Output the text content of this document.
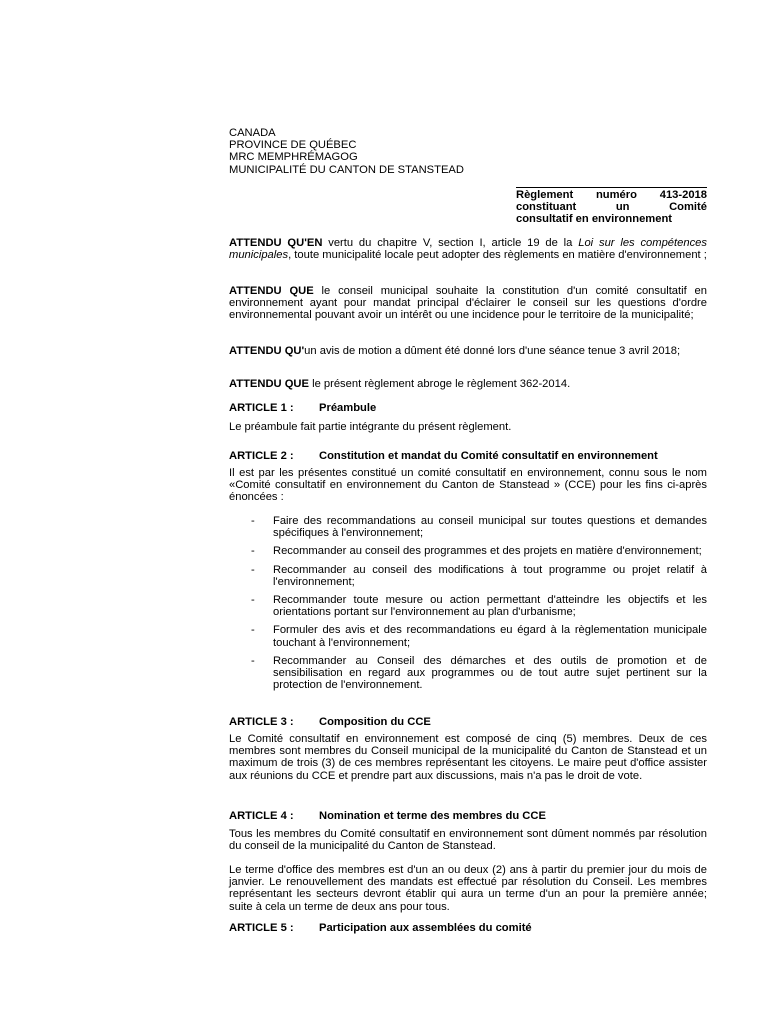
CANADA
PROVINCE DE QUÉBEC
MRC MEMPHRÉMAGOG
MUNICIPALITÉ DU CANTON DE STANSTEAD
Règlement numéro 413-2018
constituant un Comité
consultatif en environnement

ATTENDU QU'EN vertu du chapitre V, section I, article 19 de la Loi sur les compétences municipales, toute municipalité locale peut adopter des règlements en matière d'environnement ;

ATTENDU QUE le conseil municipal souhaite la constitution d'un comité consultatif en environnement ayant pour mandat principal d'éclairer le conseil sur les questions d'ordre environnemental pouvant avoir un intérêt ou une incidence pour le territoire de la municipalité;

ATTENDU QU'un avis de motion a dûment été donné lors d'une séance tenue 3 avril 2018;

ATTENDU QUE le présent règlement abroge le règlement 362-2014.

ARTICLE 1 : Préambule

Le préambule fait partie intégrante du présent règlement.

ARTICLE 2 : Constitution et mandat du Comité consultatif en environnement

Il est par les présentes constitué un comité consultatif en environnement, connu sous le nom «Comité consultatif en environnement du Canton de Stanstead » (CCE) pour les fins ci-après énoncées :

- Faire des recommandations au conseil municipal sur toutes questions et demandes spécifiques à l'environnement;
- Recommander au conseil des programmes et des projets en matière d'environnement;
- Recommander au conseil des modifications à tout programme ou projet relatif à l'environnement;
- Recommander toute mesure ou action permettant d'atteindre les objectifs et les orientations portant sur l'environnement au plan d'urbanisme;
- Formuler des avis et des recommandations eu égard à la règlementation municipale touchant à l'environnement;
- Recommander au Conseil des démarches et des outils de promotion et de sensibilisation en regard aux programmes ou de tout autre sujet pertinent sur la protection de l'environnement.
ARTICLE 3 : Composition du CCE

Le Comité consultatif en environnement est composé de cinq (5) membres. Deux de ces membres sont membres du Conseil municipal de la municipalité du Canton de Stanstead et un maximum de trois (3) de ces membres représentant les citoyens. Le maire peut d'office assister aux réunions du CCE et prendre part aux discussions, mais n'a pas le droit de vote.

ARTICLE 4 : Nomination et terme des membres du CCE

Tous les membres du Comité consultatif en environnement sont dûment nommés par résolution du conseil de la municipalité du Canton de Stanstead.

Le terme d'office des membres est d'un an ou deux (2) ans à partir du premier jour du mois de janvier. Le renouvellement des mandats est effectué par résolution du Conseil. Les membres représentant les secteurs devront établir qui aura un terme d'un an pour la première année; suite à cela un terme de deux ans pour tous.

ARTICLE 5 : Participation aux assemblées du comité
